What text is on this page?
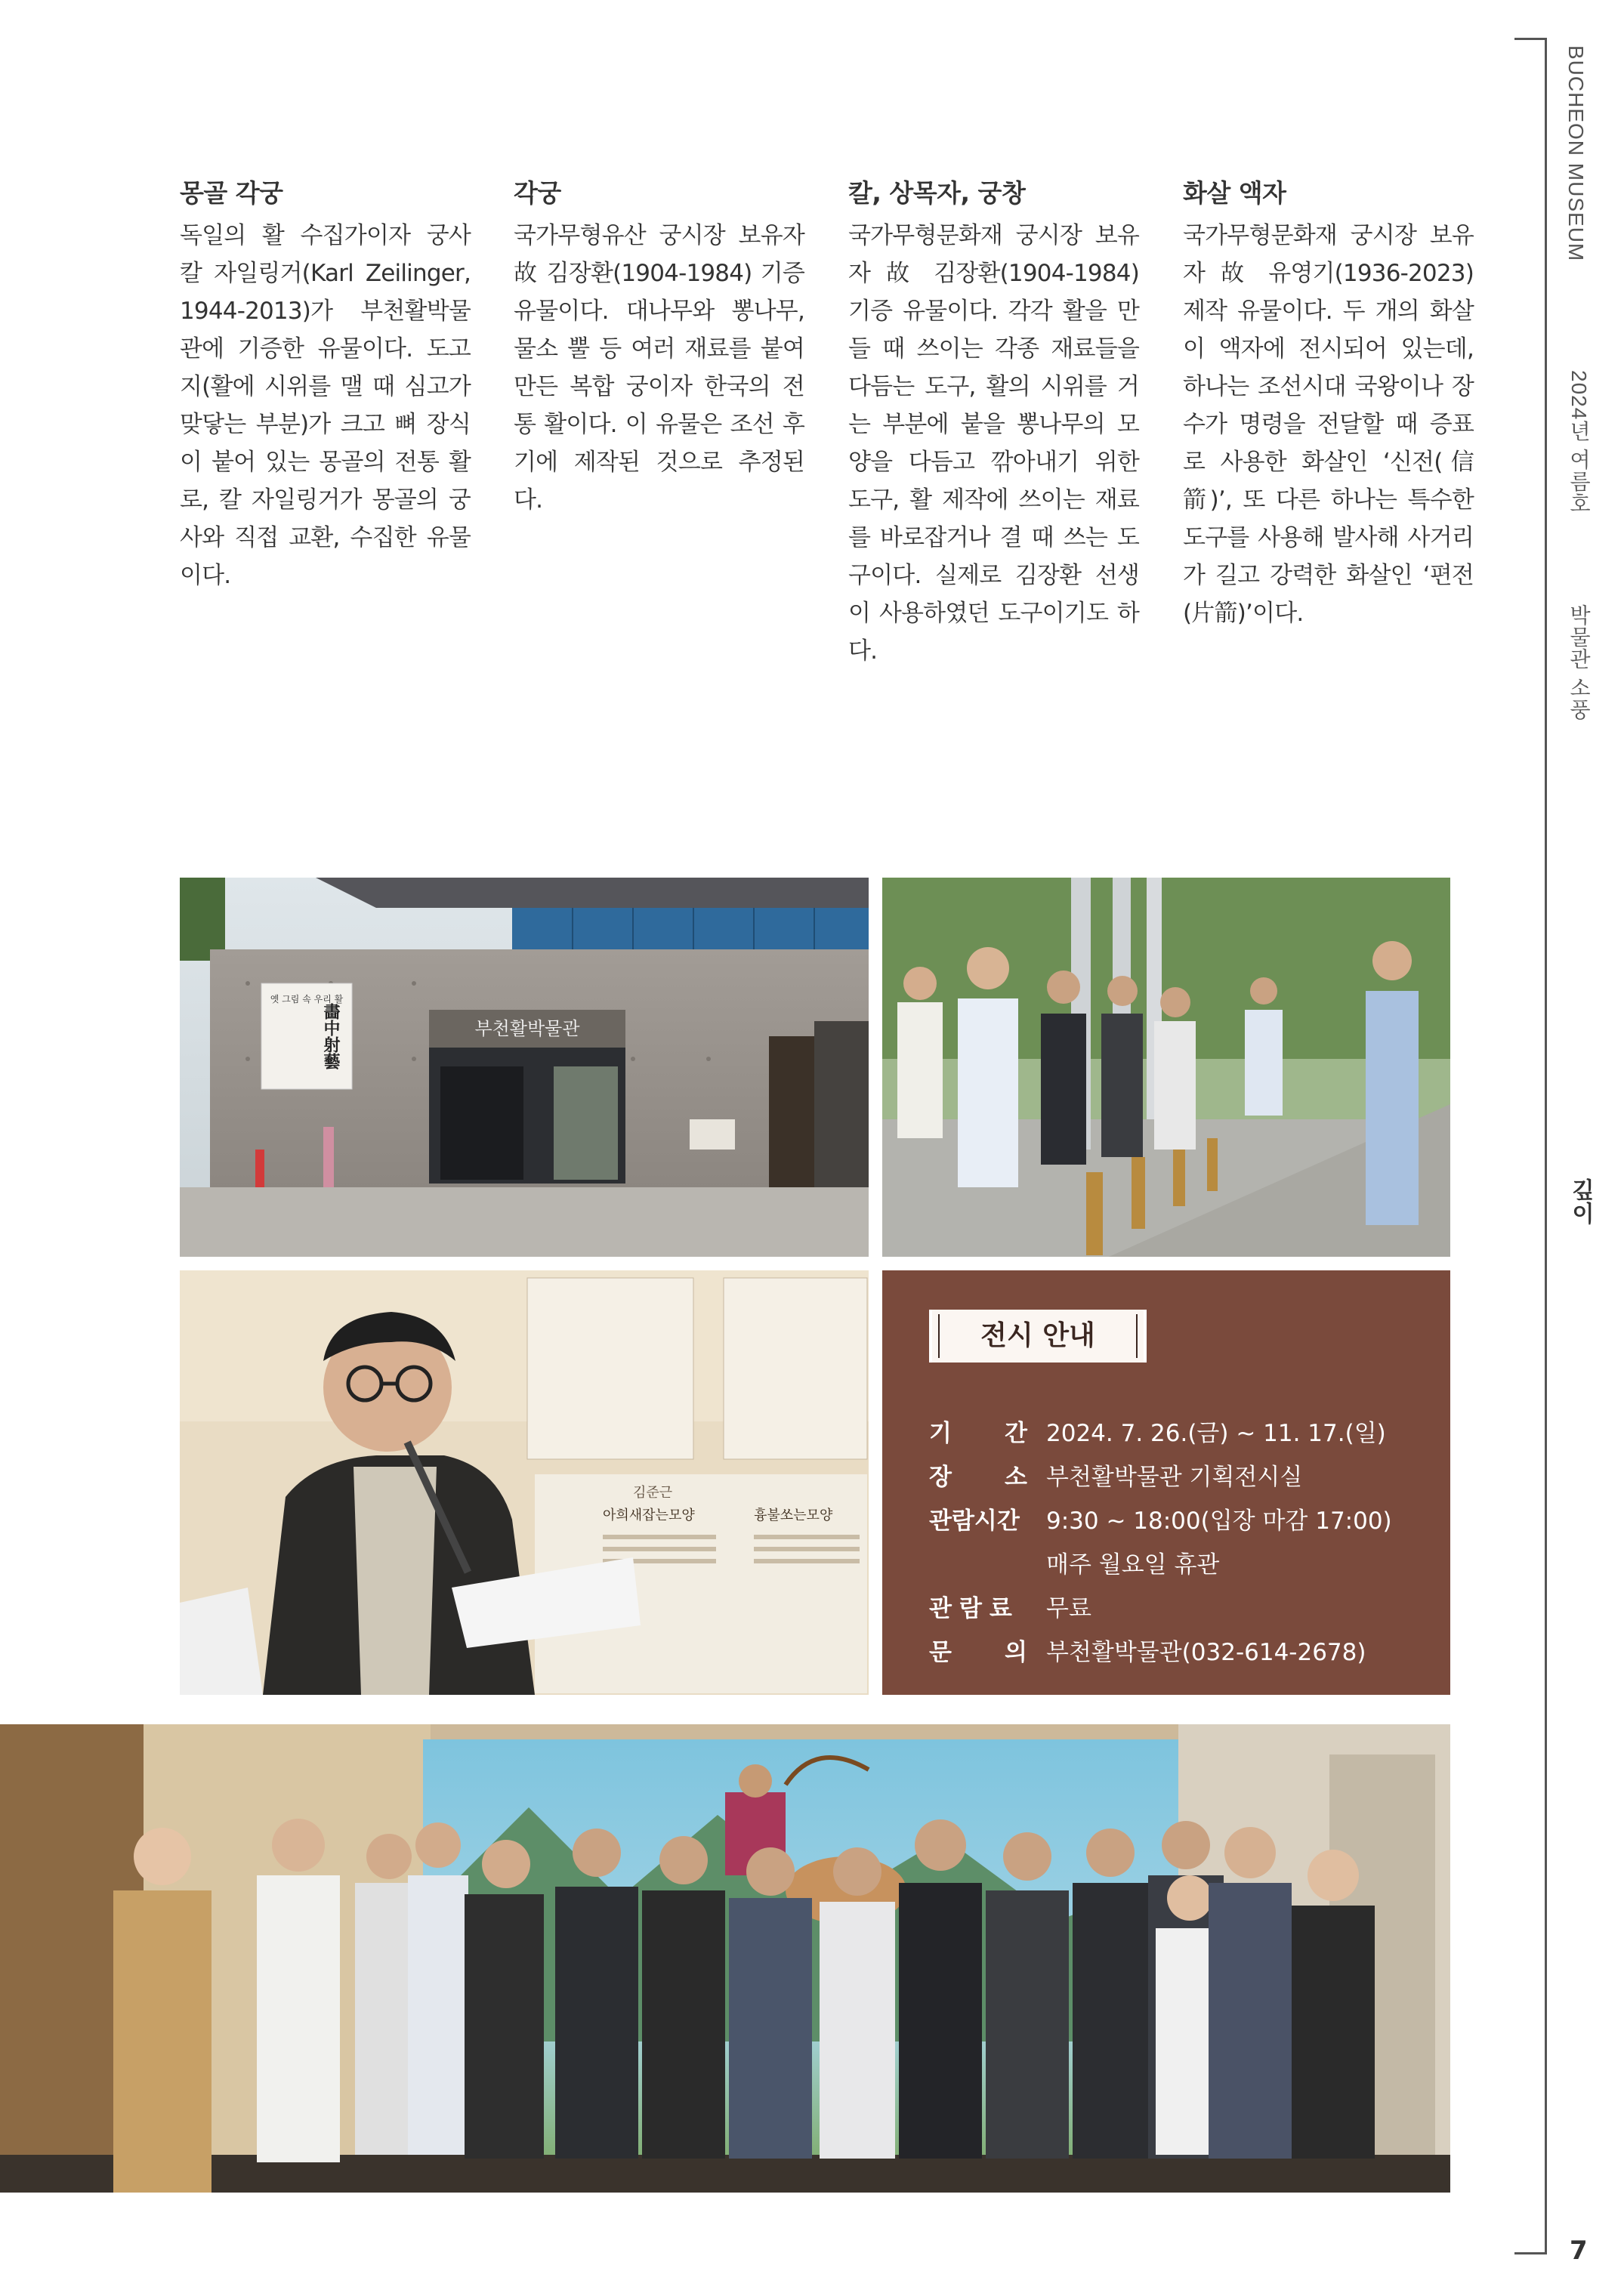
몽골 각궁

독일의 활 수집가이자 궁사 칼 자일링거(Karl Zeilinger, 1944-2013)가 부천활박물관에 기증한 유물이다. 도고지(활에 시위를 맬 때 심고가 맞닿는 부분)가 크고 뼈 장식이 붙어 있는 몽골의 전통 활로, 칼 자일링거가 몽골의 궁사와 직접 교환, 수집한 유물이다.

각궁

국가무형유산 궁시장 보유자 故 김장환(1904-1984) 기증 유물이다. 대나무와 뽕나무, 물소 뿔 등 여러 재료를 붙여 만든 복합 궁이자 한국의 전통 활이다. 이 유물은 조선 후기에 제작된 것으로 추정된다.

칼, 상목자, 궁창

국가무형문화재 궁시장 보유자 故 김장환(1904-1984) 기증 유물이다. 각각 활을 만들 때 쓰이는 각종 재료들을 다듬는 도구, 활의 시위를 거는 부분에 붙을 뽕나무의 모양을 다듬고 깎아내기 위한 도구, 활 제작에 쓰이는 재료를 바로잡거나 결 때 쓰는 도구이다. 실제로 김장환 선생이 사용하였던 도구이기도 하다.

화살 액자

국가무형문화재 궁시장 보유자 故 유영기(1936-2023) 제작 유물이다. 두 개의 화살이 액자에 전시되어 있는데, 하나는 조선시대 국왕이나 장수가 명령을 전달할 때 증표로 사용한 화살인 ‘신전(信箭)’, 또 다른 하나는 특수한 도구를 사용해 발사해 사거리가 길고 강력한 화살인 ‘편전(片箭)’이다.

옛 그림 속 우리 활
畵中射藝	부천활박물관
김준근
아희새잡는모양	흉불쏘는모양
전시 안내
기 간 2024. 7. 26.(금) ~ 11. 17.(일)
장 소 부천활박물관 기획전시실
관람시간 9:30 ~ 18:00(입장 마감 17:00)
매주 월요일 휴관
관람료 무료
문 의 부천활박물관(032-614-2678)
BUCHEON MUSEUM
2024년 여름호
박물관 소풍
깊이
7
